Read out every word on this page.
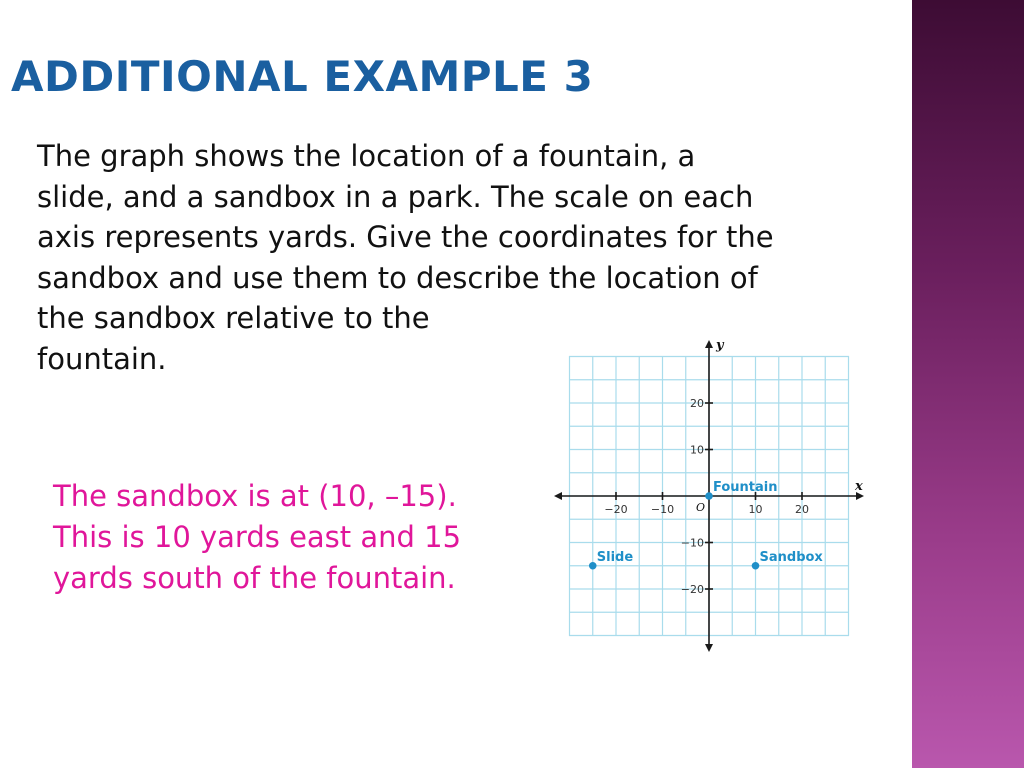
ADDITIONAL EXAMPLE 3
The graph shows the location of a fountain, a
slide, and a sandbox in a park. The scale on each
axis represents yards. Give the coordinates for the
sandbox and use them to describe the location of
the sandbox relative to the
fountain.
The sandbox is at (10, –15).
This is 10 yards east and 15
yards south of the fountain.
x
y
O
−20 −10	10	20
20
10
−10
−20
Fountain
Slide	Sandbox
